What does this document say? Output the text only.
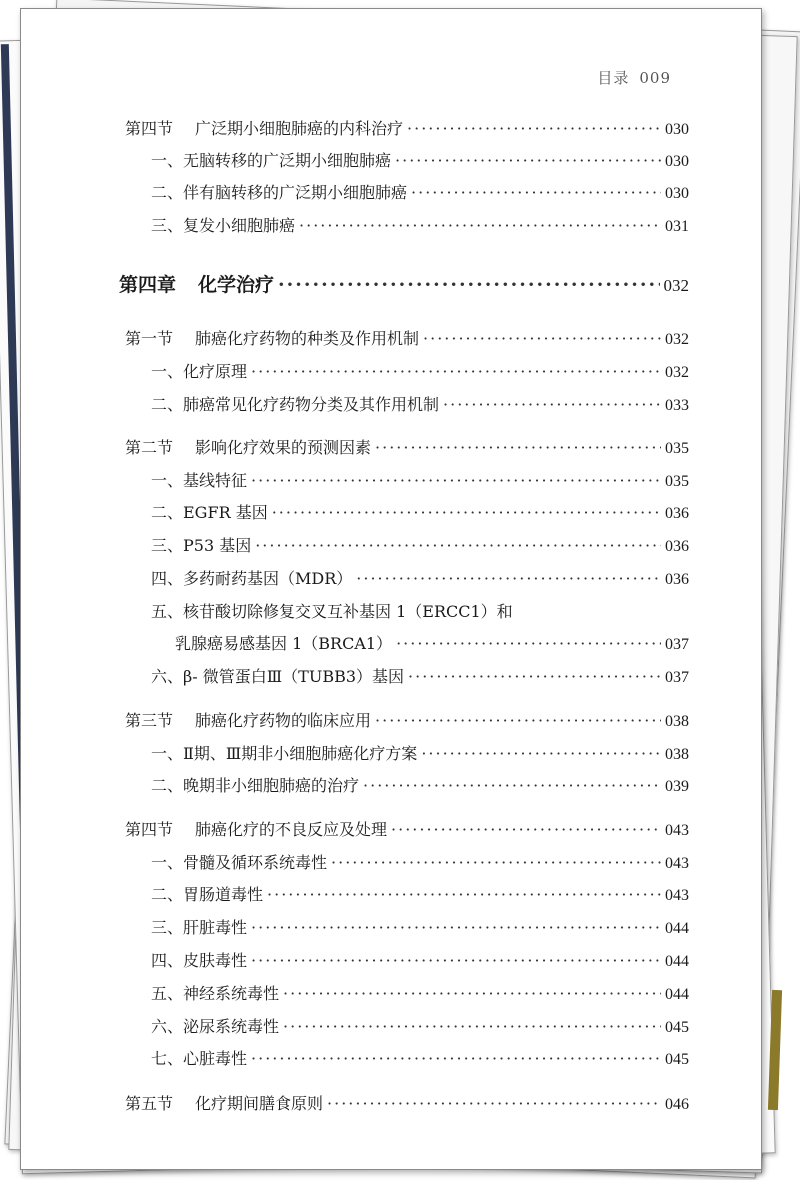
目录 009
第四节 广泛期小细胞肺癌的内科治疗 ·····	030
一、无脑转移的广泛期小细胞肺癌 ·····	030
二、伴有脑转移的广泛期小细胞肺癌 ·····	030
三、复发小细胞肺癌 ·····	031
第四章 化学治疗 ·····	032
第一节 肺癌化疗药物的种类及作用机制 ·····	032
一、化疗原理 ·····	032
二、肺癌常见化疗药物分类及其作用机制 ·····	033
第二节 影响化疗效果的预测因素 ·····	035
一、基线特征 ·····	035
二、EGFR 基因 ·····	036
三、P53 基因 ·····	036
四、多药耐药基因（MDR） ·····	036
五、核苷酸切除修复交叉互补基因 1（ERCC1）和
乳腺癌易感基因 1（BRCA1） ·····	037
六、β- 微管蛋白Ⅲ（TUBB3）基因 ·····	037
第三节 肺癌化疗药物的临床应用 ·····	038
一、Ⅱ期、Ⅲ期非小细胞肺癌化疗方案 ·····	038
二、晚期非小细胞肺癌的治疗 ·····	039
第四节 肺癌化疗的不良反应及处理 ·····	043
一、骨髓及循环系统毒性 ·····	043
二、胃肠道毒性 ·····	043
三、肝脏毒性 ·····	044
四、皮肤毒性 ·····	044
五、神经系统毒性 ·····	044
六、泌尿系统毒性 ·····	045
七、心脏毒性 ·····	045
第五节 化疗期间膳食原则 ·····	046
